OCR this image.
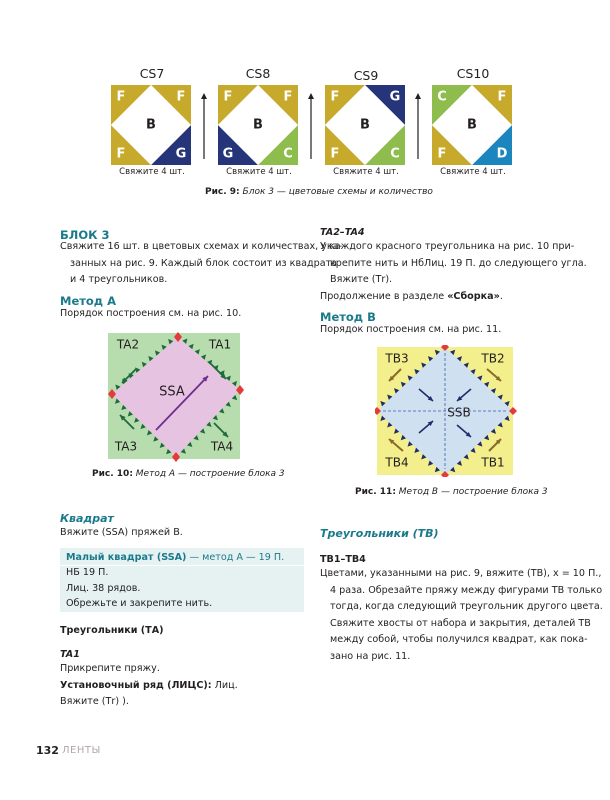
CS7	CS8	CS9	CS10
B
F	F
F	G
B
F	F
G	C
B
F	G
F	C
B
C	F
F	D
Свяжите 4 шт.	Свяжите 4 шт.	Свяжите 4 шт.	Свяжите 4 шт.
Рис. 9: Блок 3 — цветовые схемы и количество
БЛОК 3
Свяжите 16 шт. в цветовых схемах и количествах, ука-
занных на рис. 9. Каждый блок состоит из квадрата
и 4 треугольников.
Метод А
Порядок построения см. на рис. 10.
TA2	TA1
TA3	TA4
SSA
Рис. 10: Метод А — построение блока 3
Квадрат
Вяжите (SSA) пряжей B.
Малый квадрат (SSA) — метод А — 19 П.
НБ 19 П.
Лиц. 38 рядов.
Обрежьте и закрепите нить.
Треугольники (ТА)
TA1
Прикрепите пряжу.
Установочный ряд (ЛИЦС): Лиц.
Вяжите (Тr) ).
TA2–TA4
У каждого красного треугольника на рис. 10 при-
крепите нить и НбЛиц. 19 П. до следующего угла.
Вяжите (Тr).
Продолжение в разделе «Сборка».
Метод В
Порядок построения см. на рис. 11.
TB3	TB2
TB4	TB1
SSB
Рис. 11: Метод В — построение блока 3
Треугольники (ТВ)
TB1–TB4
Цветами, указанными на рис. 9, вяжите (ТВ), х = 10 П.,
4 раза. Обрезайте пряжу между фигурами ТВ только
тогда, когда следующий треугольник другого цвета.
Свяжите хвосты от набора и закрытия, деталей ТВ
между собой, чтобы получился квадрат, как пока-
зано на рис. 11.
132 ЛЕНТЫ
